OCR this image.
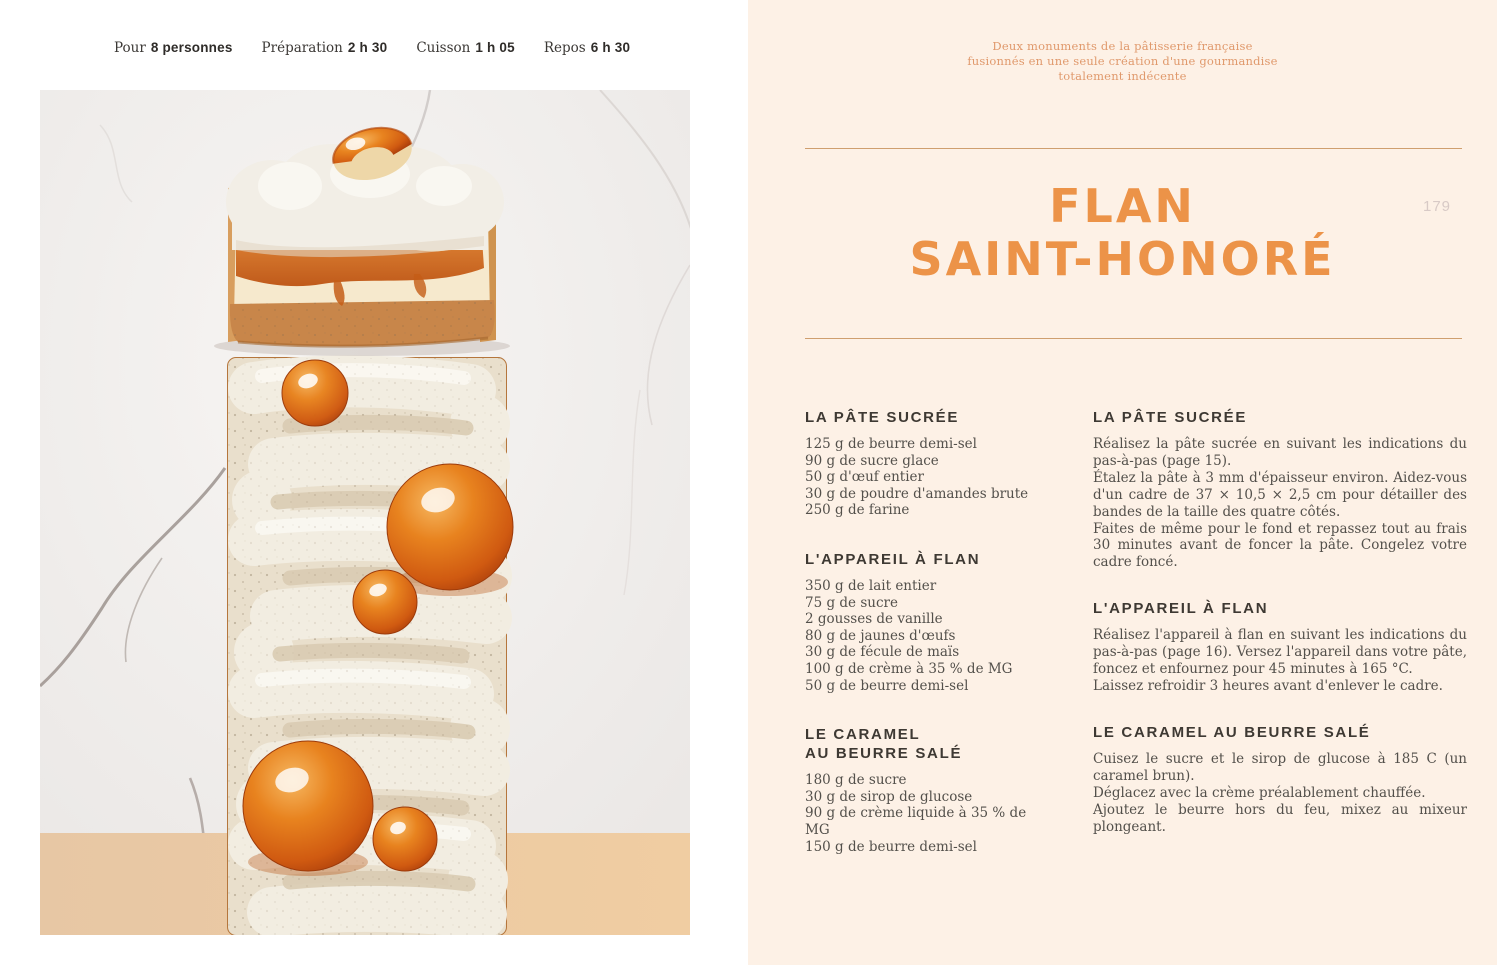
Pour 8 personnes Préparation 2 h 30 Cuisson 1 h 05 Repos 6 h 30	Deux monuments de la pâtisserie française
fusionnés en une seule création d'une gourmandise
totalement indécente
FLAN
SAINT-HONORÉ
179
LA PÂTE SUCRÉE
125 g de beurre demi-sel
90 g de sucre glace
50 g d'œuf entier
30 g de poudre d'amandes brute
250 g de farine
L'APPAREIL À FLAN
350 g de lait entier
75 g de sucre
2 gousses de vanille
80 g de jaunes d'œufs
30 g de fécule de maïs
100 g de crème à 35 % de MG
50 g de beurre demi-sel
LE CARAMEL
AU BEURRE SALÉ
180 g de sucre
30 g de sirop de glucose
90 g de crème liquide à 35 % de MG
150 g de beurre demi-sel
LA PÂTE SUCRÉE

Réalisez la pâte sucrée en suivant les indications du pas-à-pas (page 15).

Étalez la pâte à 3 mm d'épaisseur environ. Aidez-vous d'un cadre de 37 × 10,5 × 2,5 cm pour détailler des bandes de la taille des quatre côtés.

Faites de même pour le fond et repassez tout au frais 30 minutes avant de foncer la pâte. Congelez votre cadre foncé.

L'APPAREIL À FLAN

Réalisez l'appareil à flan en suivant les indications du pas-à-pas (page 16). Versez l'appareil dans votre pâte, foncez et enfournez pour 45 minutes à 165 °C.

Laissez refroidir 3 heures avant d'enlever le cadre.

LE CARAMEL AU BEURRE SALÉ

Cuisez le sucre et le sirop de glucose à 185 C (un caramel brun).

Déglacez avec la crème préalablement chauffée.

Ajoutez le beurre hors du feu, mixez au mixeur plongeant.
